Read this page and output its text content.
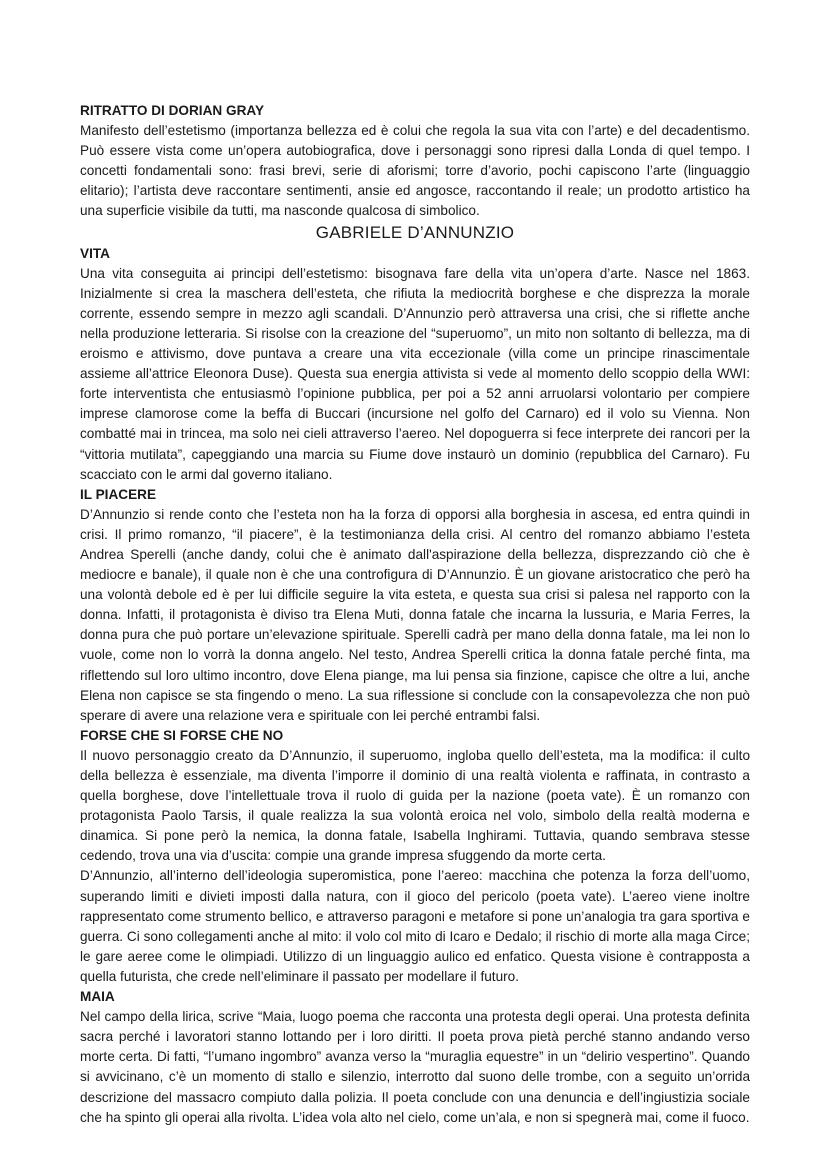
RITRATTO DI DORIAN GRAY

Manifesto dell’estetismo (importanza bellezza ed è colui che regola la sua vita con l’arte) e del decadentismo. Può essere vista come un’opera autobiografica, dove i personaggi sono ripresi dalla Londa di quel tempo. I concetti fondamentali sono: frasi brevi, serie di aforismi; torre d’avorio, pochi capiscono l’arte (linguaggio elitario); l’artista deve raccontare sentimenti, ansie ed angosce, raccontando il reale; un prodotto artistico ha una superficie visibile da tutti, ma nasconde qualcosa di simbolico.

GABRIELE D’ANNUNZIO
VITA

Una vita conseguita ai principi dell’estetismo: bisognava fare della vita un’opera d’arte. Nasce nel 1863. Inizialmente si crea la maschera dell’esteta, che rifiuta la mediocrità borghese e che disprezza la morale corrente, essendo sempre in mezzo agli scandali. D’Annunzio però attraversa una crisi, che si riflette anche nella produzione letteraria. Si risolse con la creazione del “superuomo”, un mito non soltanto di bellezza, ma di eroismo e attivismo, dove puntava a creare una vita eccezionale (villa come un principe rinascimentale assieme all’attrice Eleonora Duse). Questa sua energia attivista si vede al momento dello scoppio della WWI: forte interventista che entusiasmò l’opinione pubblica, per poi a 52 anni arruolarsi volontario per compiere imprese clamorose come la beffa di Buccari (incursione nel golfo del Carnaro) ed il volo su Vienna. Non combatté mai in trincea, ma solo nei cieli attraverso l’aereo. Nel dopoguerra si fece interprete dei rancori per la “vittoria mutilata”, capeggiando una marcia su Fiume dove instaurò un dominio (repubblica del Carnaro). Fu scacciato con le armi dal governo italiano.

IL PIACERE

D’Annunzio si rende conto che l’esteta non ha la forza di opporsi alla borghesia in ascesa, ed entra quindi in crisi. Il primo romanzo, “il piacere”, è la testimonianza della crisi. Al centro del romanzo abbiamo l’esteta Andrea Sperelli (anche dandy, colui che è animato dall'aspirazione della bellezza, disprezzando ciò che è mediocre e banale), il quale non è che una controfigura di D’Annunzio. È un giovane aristocratico che però ha una volontà debole ed è per lui difficile seguire la vita esteta, e questa sua crisi si palesa nel rapporto con la donna. Infatti, il protagonista è diviso tra Elena Muti, donna fatale che incarna la lussuria, e Maria Ferres, la donna pura che può portare un’elevazione spirituale. Sperelli cadrà per mano della donna fatale, ma lei non lo vuole, come non lo vorrà la donna angelo. Nel testo, Andrea Sperelli critica la donna fatale perché finta, ma riflettendo sul loro ultimo incontro, dove Elena piange, ma lui pensa sia finzione, capisce che oltre a lui, anche Elena non capisce se sta fingendo o meno. La sua riflessione si conclude con la consapevolezza che non può sperare di avere una relazione vera e spirituale con lei perché entrambi falsi.

FORSE CHE SI FORSE CHE NO

Il nuovo personaggio creato da D’Annunzio, il superuomo, ingloba quello dell’esteta, ma la modifica: il culto della bellezza è essenziale, ma diventa l’imporre il dominio di una realtà violenta e raffinata, in contrasto a quella borghese, dove l’intellettuale trova il ruolo di guida per la nazione (poeta vate). È un romanzo con protagonista Paolo Tarsis, il quale realizza la sua volontà eroica nel volo, simbolo della realtà moderna e dinamica. Si pone però la nemica, la donna fatale, Isabella Inghirami. Tuttavia, quando sembrava stesse cedendo, trova una via d’uscita: compie una grande impresa sfuggendo da morte certa.

D’Annunzio, all’interno dell’ideologia superomistica, pone l’aereo: macchina che potenza la forza dell’uomo, superando limiti e divieti imposti dalla natura, con il gioco del pericolo (poeta vate). L’aereo viene inoltre rappresentato come strumento bellico, e attraverso paragoni e metafore si pone un’analogia tra gara sportiva e guerra. Ci sono collegamenti anche al mito: il volo col mito di Icaro e Dedalo; il rischio di morte alla maga Circe; le gare aeree come le olimpiadi. Utilizzo di un linguaggio aulico ed enfatico. Questa visione è contrapposta a quella futurista, che crede nell’eliminare il passato per modellare il futuro.

MAIA

Nel campo della lirica, scrive “Maia, luogo poema che racconta una protesta degli operai. Una protesta definita sacra perché i lavoratori stanno lottando per i loro diritti. Il poeta prova pietà perché stanno andando verso morte certa. Di fatti, “l’umano ingombro” avanza verso la “muraglia equestre” in un “delirio vespertino”. Quando si avvicinano, c’è un momento di stallo e silenzio, interrotto dal suono delle trombe, con a seguito un’orrida descrizione del massacro compiuto dalla polizia. Il poeta conclude con una denuncia e dell’ingiustizia sociale che ha spinto gli operai alla rivolta. L’idea vola alto nel cielo, come un’ala, e non si spegnerà mai, come il fuoco.
